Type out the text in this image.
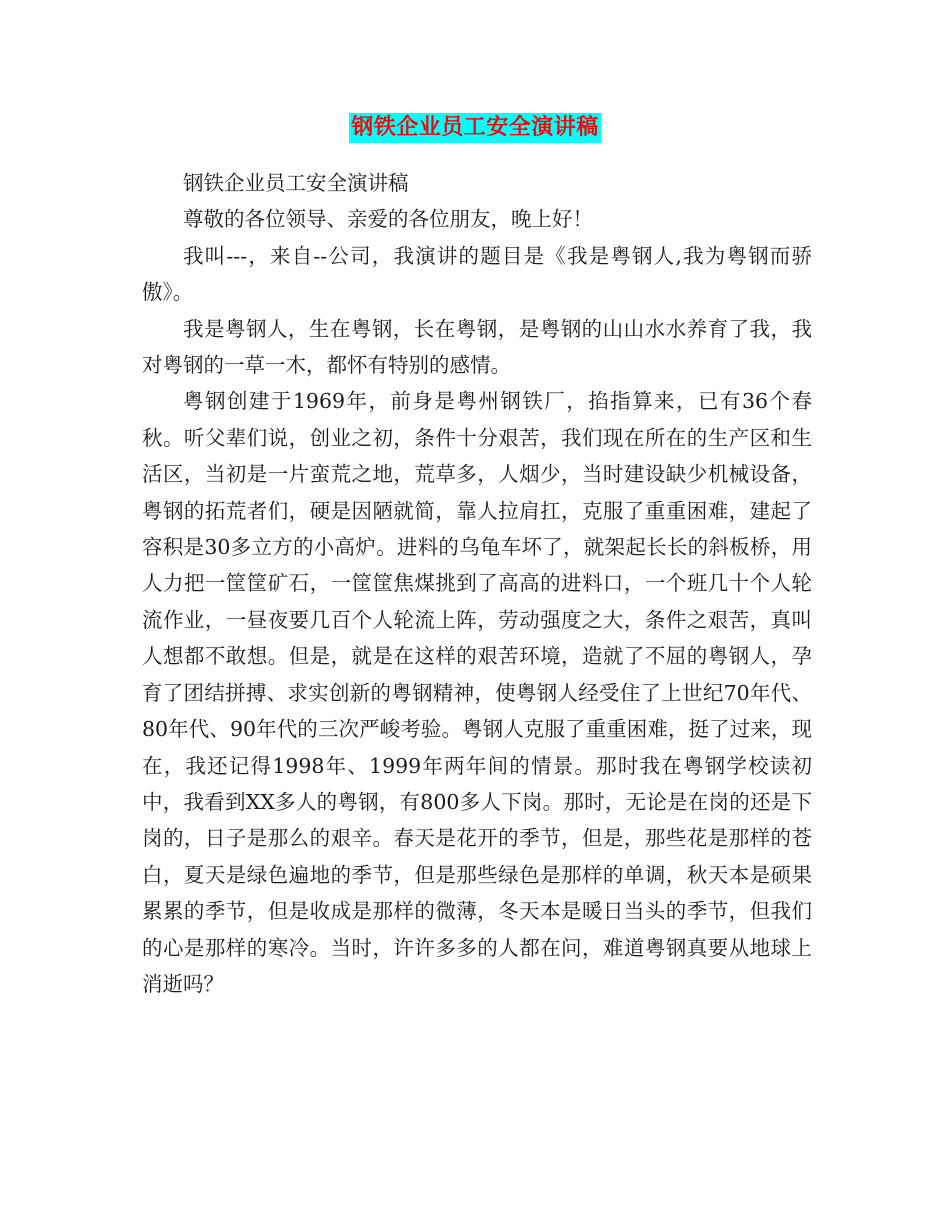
钢铁企业员工安全演讲稿

钢铁企业员工安全演讲稿

尊敬的各位领导、亲爱的各位朋友，晚上好！

我叫---，来自--公司，我演讲的题目是《我是粤钢人,我为粤钢而骄傲》。

我是粤钢人，生在粤钢，长在粤钢，是粤钢的山山水水养育了我，我对粤钢的一草一木，都怀有特别的感情。

粤钢创建于1969年，前身是粤州钢铁厂，掐指算来，已有36个春秋。听父辈们说，创业之初，条件十分艰苦，我们现在所在的生产区和生活区，当初是一片蛮荒之地，荒草多，人烟少，当时建设缺少机械设备，粤钢的拓荒者们，硬是因陋就简，靠人拉肩扛，克服了重重困难，建起了容积是30多立方的小高炉。进料的乌龟车坏了，就架起长长的斜板桥，用人力把一筐筐矿石，一筐筐焦煤挑到了高高的进料口，一个班几十个人轮流作业，一昼夜要几百个人轮流上阵，劳动强度之大，条件之艰苦，真叫人想都不敢想。但是，就是在这样的艰苦环境，造就了不屈的粤钢人，孕育了团结拼搏、求实创新的粤钢精神，使粤钢人经受住了上世纪70年代、80年代、90年代的三次严峻考验。粤钢人克服了重重困难，挺了过来，现在，我还记得1998年、1999年两年间的情景。那时我在粤钢学校读初中，我看到XX多人的粤钢，有800多人下岗。那时，无论是在岗的还是下岗的，日子是那么的艰辛。春天是花开的季节，但是，那些花是那样的苍白，夏天是绿色遍地的季节，但是那些绿色是那样的单调，秋天本是硕果累累的季节，但是收成是那样的微薄，冬天本是暖日当头的季节，但我们的心是那样的寒冷。当时，许许多多的人都在问，难道粤钢真要从地球上消逝吗？
